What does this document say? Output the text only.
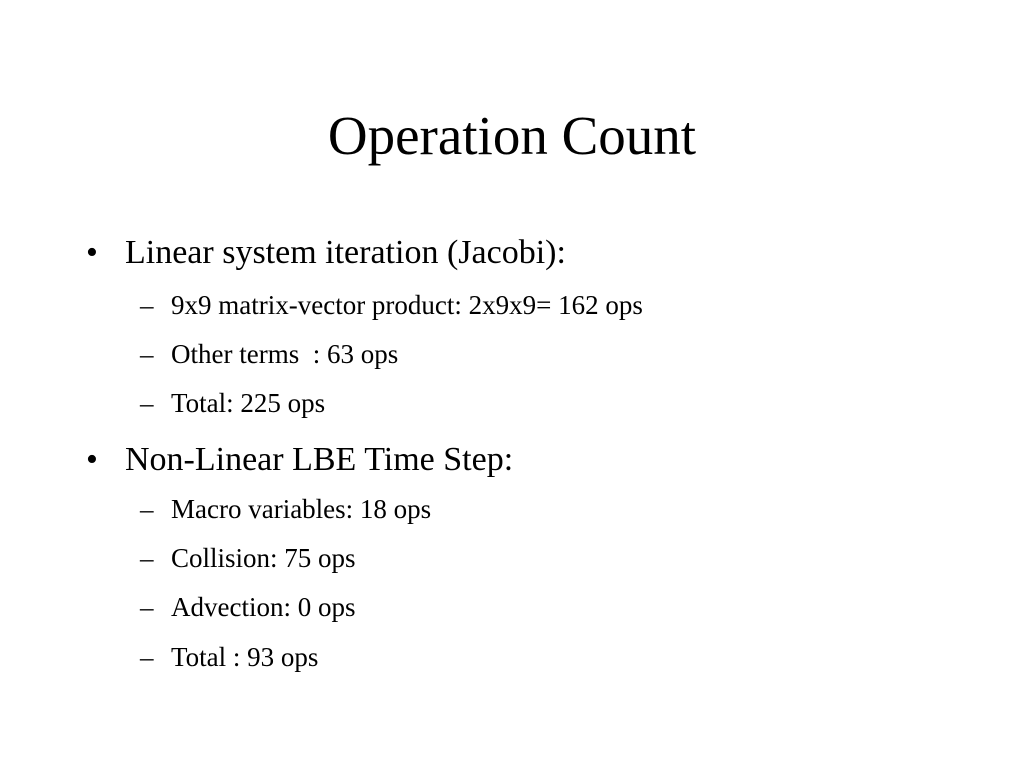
Operation Count
• Linear system iteration (Jacobi):
– 9x9 matrix-vector product: 2x9x9= 162 ops
– Other terms  : 63 ops
– Total: 225 ops
• Non-Linear LBE Time Step:
– Macro variables: 18 ops
– Collision: 75 ops
– Advection: 0 ops
– Total : 93 ops
